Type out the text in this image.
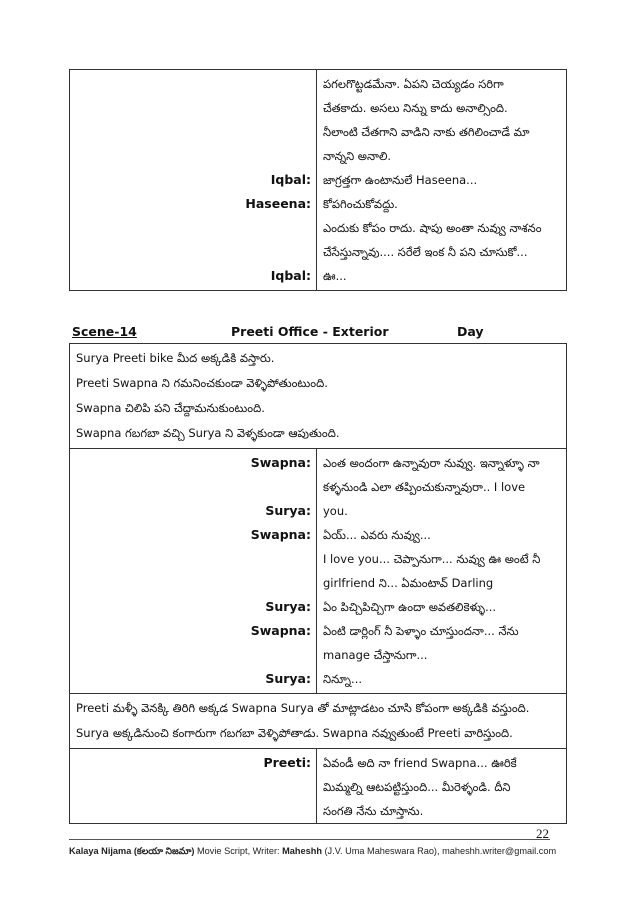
పగలగొట్టడమేనా. ఏపని చెయ్యడం సరిగా
చేతకాదు. అసలు నిన్ను కాదు అనాల్సింది.
నీలాంటి చేతగాని వాడిని నాకు తగిలించాడే మా
నాన్నని అనాలి.
Iqbal: జాగ్రత్తగా ఉంటానులే Haseena...
Haseena: కోపగించుకోవద్దు.
ఎందుకు కోపం రాదు. షాపు అంతా నువ్వు నాశనం
చేసేస్తున్నావు.... సరేలే ఇంక నీ పని చూసుకో...
Iqbal: ఊ...
Scene-14	Preeti Office - Exterior	Day
Surya Preeti bike మీద అక్కడికి వస్తారు.
Preeti Swapna ని గమనించకుండా వెళ్ళిపోతుంటుంది.
Swapna చిలిపి పని చేద్దామనుకుంటుంది.
Swapna గబగబా వచ్చి Surya ని వెళ్ళకుండా ఆపుతుంది.
Swapna: ఎంత అందంగా ఉన్నావురా నువ్వు. ఇన్నాళ్ళూ నా
కళ్ళనుండి ఎలా తప్పించుకున్నావురా.. I love
Surya: you.
Swapna: ఏయ్... ఎవరు నువ్వు...
I love you... చెప్పానుగా... నువ్వు ఊ అంటే నీ
girlfriend ని... ఏమంటావ్ Darling
Surya: ఏం పిచ్చిపిచ్చిగా ఉందా అవతలికెళ్ళు...
Swapna: ఏంటి డార్లింగ్ నీ పెళ్ళాం చూస్తుందనా... నేను
manage చేస్తానుగా...
Surya: నిన్నూ...
Preeti మళ్ళీ వెనక్కి తిరిగి అక్కడ Swapna Surya తో మాట్లాడటం చూసి కోపంగా అక్కడికి వస్తుంది.
Surya అక్కడినుంచి కంగారుగా గబగబా వెళ్ళిపోతాడు. Swapna నవ్వుతుంటే Preeti వారిస్తుంది.
Preeti: ఏవండీ అది నా friend Swapna... ఊరికే
మిమ్మల్ని ఆటపట్టిస్తుంది... మీరెళ్ళండి. దీని
సంగతి నేను చూస్తాను.
22
Kalaya Nijama (కలయా నిజమా) Movie Script, Writer: Maheshh (J.V. Uma Maheswara Rao), maheshh.writer@gmail.com
